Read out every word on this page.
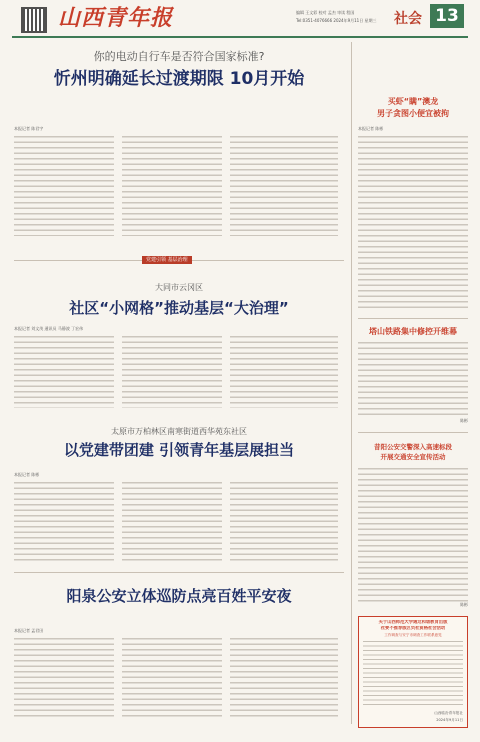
山西青年报	编辑 王文彩 校对 孟杰 审读 程国
Tel:0351-4076666 2024年9月11日 星期三 社会 13
你的电动自行车是否符合国家标准?
忻州明确延长过渡期限 10月开始
本报记者 陈君宇
党建引领 基层治理
大同市云冈区
社区“小网格”推动基层“大治理”
本报记者 刘文茂 通讯员 马静波 丁宏伟
太原市万柏林区南寒街道西华苑东社区
以党建带团建 引领青年基层展担当
本报记者 陈彬
阳泉公安立体巡防点亮百姓平安夜
本报记者 孟君田
买虾“瞒”澳龙
男子贪图小便宜被拘
本报记者 陈彬
塔山铁路集中修控开维幕
陈彬
昔阳公安交警深入高速标段
开展交通安全宣传活动
陈彬
关于山西师范大学通过和谐教育出版
社要不推荐版区负社资格社会活动
工作调查与安宁市调查工作联系意见
山西临汾青年报社
2024年9月11日
